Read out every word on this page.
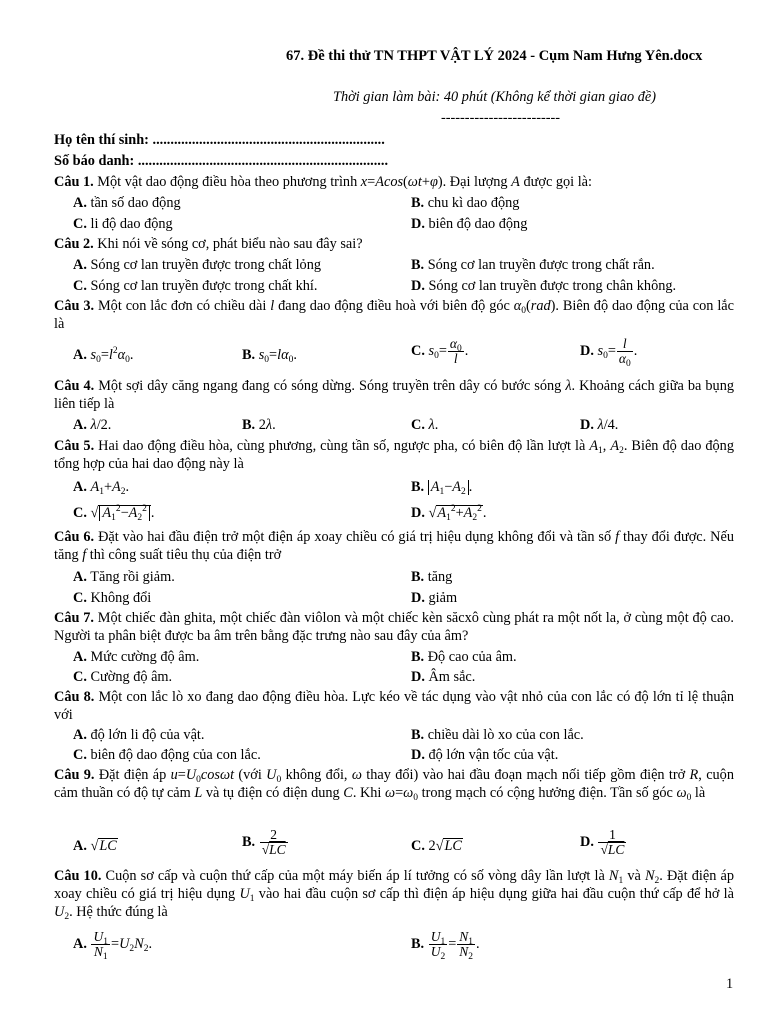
67. Đề thi thử TN THPT VẬT LÝ 2024 - Cụm Nam Hưng Yên.docx
Thời gian làm bài: 40 phút (Không kể thời gian giao đề)
-------------------------
Họ tên thí sinh: .................................................................
Số báo danh: ......................................................................
Câu 1. Một vật dao động điều hòa theo phương trình x=Acos(ωt+φ). Đại lượng A được gọi là:
A. tần số dao động	B. chu kì dao động
C. li độ dao động	D. biên độ dao động
Câu 2. Khi nói về sóng cơ, phát biểu nào sau đây sai?
A. Sóng cơ lan truyền được trong chất lỏng	B. Sóng cơ lan truyền được trong chất rắn.
C. Sóng cơ lan truyền được trong chất khí.	D. Sóng cơ lan truyền được trong chân không.
Câu 3. Một con lắc đơn có chiều dài l đang dao động điều hoà với biên độ góc $\alpha_0(rad)$. Biên độ dao động của con lắc là
A. $s_0=l^2\alpha_0$.	B. $s_0=l\alpha_0$.	C. $s_0= \frac{\alpha_0}{l}$ .	D. $s_0= \frac{l}{\alpha_0}$ .
Câu 4. Một sợi dây căng ngang đang có sóng dừng. Sóng truyền trên dây có bước sóng λ. Khoảng cách giữa ba bụng liên tiếp là
A. λ/2.	B. 2λ.	C. λ.	D. λ/4.
Câu 5. Hai dao động điều hòa, cùng phương, cùng tần số, ngược pha, có biên độ lần lượt là $A_1$, $A_2$. Biên độ dao động tổng hợp của hai dao động này là
A. $A_1+A_2$.	B. $A_1-A_2$ .
C. √ $A_1^2-A_2^2$ .	D. $√A_1^2+A_2^2$.
Câu 6. Đặt vào hai đầu điện trở một điện áp xoay chiều có giá trị hiệu dụng không đổi và tần số f thay đổi được. Nếu tăng f thì công suất tiêu thụ của điện trở
A. Tăng rồi giảm.	B. tăng
C. Không đổi	D. giảm
Câu 7. Một chiếc đàn ghita, một chiếc đàn viôlon và một chiếc kèn săcxô cùng phát ra một nốt la, ở cùng một độ cao. Người ta phân biệt được ba âm trên bằng đặc trưng nào sau đây của âm?
A. Mức cường độ âm.	B. Độ cao của âm.
C. Cường độ âm.	D. Âm sắc.
Câu 8. Một con lắc lò xo đang dao động điều hòa. Lực kéo về tác dụng vào vật nhỏ của con lắc có độ lớn tỉ lệ thuận với
A. độ lớn li độ của vật.	B. chiều dài lò xo của con lắc.
C. biên độ dao động của con lắc.	D. độ lớn vận tốc của vật.
Câu 9. Đặt điện áp $u=U_0\cos\omega t$ (với $U_0$ không đổi, ω thay đổi) vào hai đầu đoạn mạch nối tiếp gồm điện trở R, cuộn cảm thuần có độ tự cảm L và tụ điện có điện dung C. Khi $\omega=\omega_0$ trong mạch có cộng hưởng điện. Tần số góc $\omega_0$ là
A. √LC	B. $\frac{2}{√LC}$	C. 2√LC	D. $\frac{1}{√LC}$
Câu 10. Cuộn sơ cấp và cuộn thứ cấp của một máy biến áp lí tưởng có số vòng dây lần lượt là $N_1$ và $N_2$. Đặt điện áp xoay chiều có giá trị hiệu dụng $U_1$ vào hai đầu cuộn sơ cấp thì điện áp hiệu dụng giữa hai đầu cuộn thứ cấp để hở là $U_2$. Hệ thức đúng là
A. $\frac{U_1}{N_1} =U_2N_2$.	B. $\frac{U_1}{U_2} = \frac{N_1}{N_2}$ .
1
